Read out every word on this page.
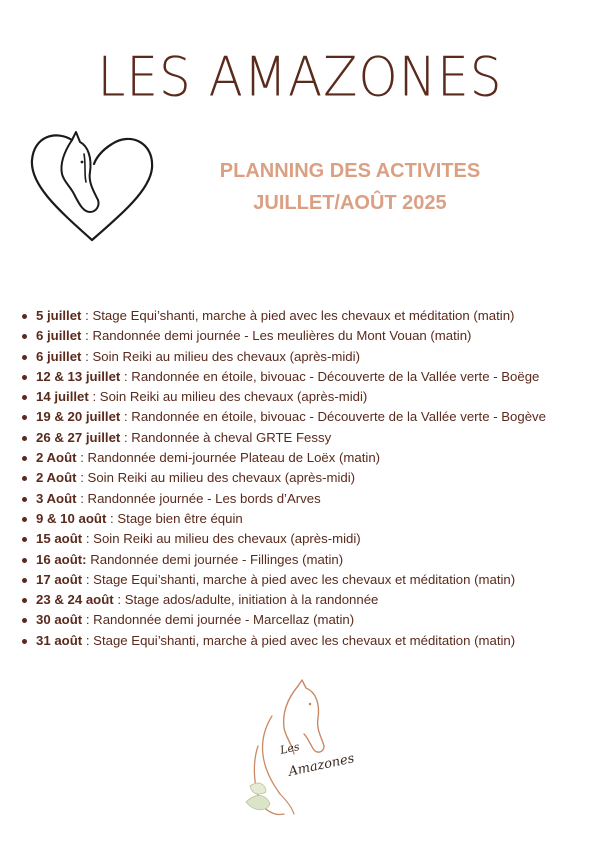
LES AMAZONES

PLANNING DES ACTIVITES

JUILLET/AOÛT 2025

5 juillet : Stage Equi’shanti, marche à pied avec les chevaux et méditation (matin)
6 juillet : Randonnée demi journée - Les meulières du Mont Vouan (matin)
6 juillet : Soin Reiki au milieu des chevaux (après-midi)
12 & 13 juillet : Randonnée en étoile, bivouac - Découverte de la Vallée verte - Boëge
14 juillet : Soin Reiki au milieu des chevaux (après-midi)
19 & 20 juillet : Randonnée en étoile, bivouac - Découverte de la Vallée verte - Bogève
26 & 27 juillet : Randonnée à cheval GRTE Fessy
2 Août : Randonnée demi-journée Plateau de Loëx (matin)
2 Août : Soin Reiki au milieu des chevaux (après-midi)
3 Août : Randonnée journée - Les bords d’Arves
9 & 10 août : Stage bien être équin
15 août : Soin Reiki au milieu des chevaux (après-midi)
16 août: Randonnée demi journée - Fillinges (matin)
17 août : Stage Equi’shanti, marche à pied avec les chevaux et méditation (matin)
23 & 24 août : Stage ados/adulte, initiation à la randonnée
30 août : Randonnée demi journée - Marcellaz (matin)
31 août : Stage Equi’shanti, marche à pied avec les chevaux et méditation (matin)
Les
Amazones
